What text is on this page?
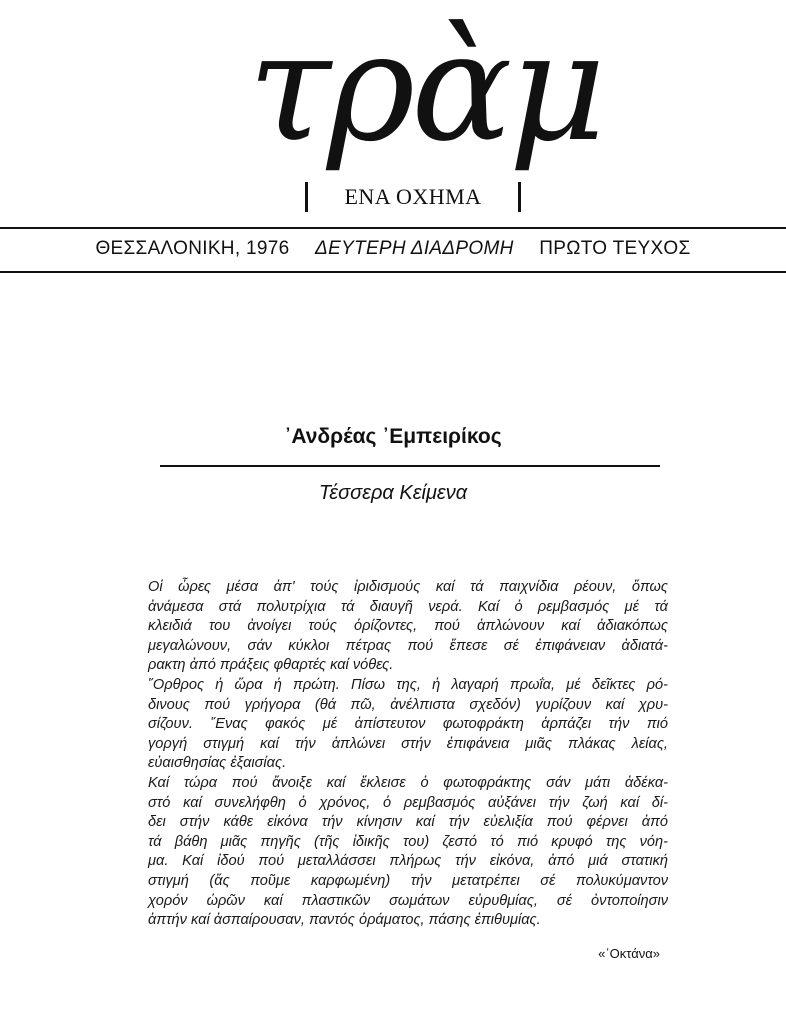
τρὰμ
ΕΝΑ ΟΧΗΜΑ
ΘΕΣΣΑΛΟΝΙΚΗ, 1976 ΔΕΥΤΕΡΗ ΔΙΑΔΡΟΜΗ ΠΡΩΤΟ ΤΕΥΧΟΣ
᾿Ανδρέας ᾿Εμπειρίκος
Τέσσερα Κείμενα
Οἱ ὧρες μέσα ἀπ' τούς ἰριδισμούς καί τά παιχνίδια ρέουν, ὅπως
ἀνάμεσα στά πολυτρίχια τά διαυγῆ νερά. Καί ὁ ρεμβασμός μέ τά
κλειδιά του ἀνοίγει τούς ὁρίζοντες, πού ἁπλώνουν καί ἀδιακόπως
μεγαλώνουν, σάν κύκλοι πέτρας πού ἔπεσε σέ ἐπιφάνειαν ἀδιατά-
ρακτη ἀπό πράξεις φθαρτές καί νόθες.
῞Ορθρος ἡ ὥρα ἡ πρώτη. Πίσω της, ἡ λαγαρή πρωΐα, μέ δεῖκτες ρό-
δινους πού γρήγορα (θά πῶ, ἀνέλπιστα σχεδόν) γυρίζουν καί χρυ-
σίζουν. ῞Ενας φακός μέ ἀπίστευτον φωτοφράκτη ἁρπάζει τήν πιό
γοργή στιγμή καί τήν ἁπλώνει στήν ἐπιφάνεια μιᾶς πλάκας λείας,
εὐαισθησίας ἐξαισίας.
Καί τώρα πού ἄνοιξε καί ἔκλεισε ὁ φωτοφράκτης σάν μάτι ἀδέκα-
στό καί συνελήφθη ὁ χρόνος, ὁ ρεμβασμός αὐξάνει τήν ζωή καί δί-
δει στήν κάθε εἰκόνα τήν κίνησιν καί τήν εὐελιξία πού φέρνει ἀπό
τά βάθη μιᾶς πηγῆς (τῆς ἰδικῆς του) ζεστό τό πιό κρυφό της νόη-
μα. Καί ἰδού πού μεταλλάσσει πλήρως τήν εἰκόνα, ἀπό μιά στατική
στιγμή (ἄς ποῦμε καρφωμένη) τήν μετατρέπει σέ πολυκύμαντον
χορόν ὡρῶν καί πλαστικῶν σωμάτων εὐρυθμίας, σέ ὀντοποίησιν
ἁπτήν καί ἀσπαίρουσαν, παντός ὁράματος, πάσης ἐπιθυμίας.
«᾿Οκτάνα»
